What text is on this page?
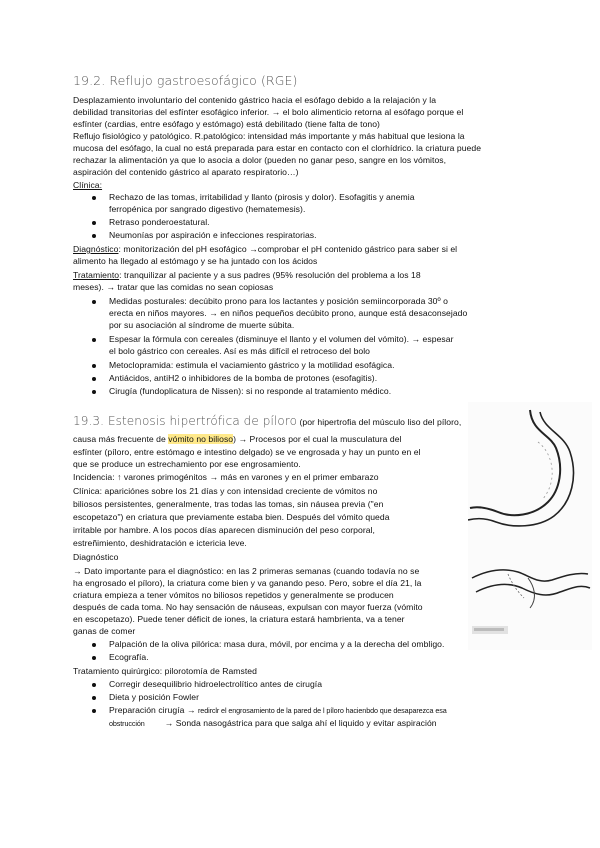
19.2. Reflujo gastroesofágico (RGE)
Desplazamiento involuntario del contenido gástrico hacia el esófago debido a la relajación y la
debilidad transitorias del esfínter esofágico inferior. → el bolo alimenticio retorna al esófago porque el
esfínter (cardias, entre esófago y estómago) está debilitado (tiene falta de tono)
Reflujo fisiológico y patológico. R.patológico: intensidad más importante y más habitual que lesiona la
mucosa del esófago, la cual no está preparada para estar en contacto con el clorhídrico. la criatura puede
rechazar la alimentación ya que lo asocia a dolor (pueden no ganar peso, sangre en los vómitos,
aspiración del contenido gástrico al aparato respiratorio…)
Clínica:
Rechazo de las tomas, irritabilidad y llanto (pirosis y dolor). Esofagitis y anemia
ferropénica por sangrado digestivo (hematemesis).
Retraso ponderoestatural.
Neumonías por aspiración e infecciones respiratorias.
Diagnóstico: monitorización del pH esofágico →comprobar el pH contenido gástrico para saber si el
alimento ha llegado al estómago y se ha juntado con los ácidos
Tratamiento: tranquilizar al paciente y a sus padres (95% resolución del problema a los 18
meses). → tratar que las comidas no sean copiosas
Medidas posturales: decúbito prono para los lactantes y posición semiincorporada 30º o
erecta en niños mayores. → en niños pequeños decúbito prono, aunque está desaconsejado
por su asociación al síndrome de muerte súbita.
Espesar la fórmula con cereales (disminuye el llanto y el volumen del vómito). → espesar
el bolo gástrico con cereales. Así es más difícil el retroceso del bolo
Metoclopramida: estimula el vaciamiento gástrico y la motilidad esofágica.
Antiácidos, antiH2 o inhibidores de la bomba de protones (esofagitis).
Cirugía (fundoplicatura de Nissen): si no responde al tratamiento médico.
19.3. Estenosis hipertrófica de píloro (por hipertrofia del músculo liso del píloro,
causa más frecuente de vómito no bilioso) → Procesos por el cual la musculatura del
esfínter (píloro, entre estómago e intestino delgado) se ve engrosada y hay un punto en el
que se produce un estrechamiento por ese engrosamiento.
Incidencia: ↑ varones primogénitos → más en varones y en el primer embarazo
Clínica: apariciónes sobre los 21 días y con intensidad creciente de vómitos no
biliosos persistentes, generalmente, tras todas las tomas, sin náusea previa ("en
escopetazo") en criatura que previamente estaba bien. Después del vómito queda
irritable por hambre. A los pocos días aparecen disminución del peso corporal,
estreñimiento, deshidratación e ictericia leve.
Diagnóstico
→ Dato importante para el diagnóstico: en las 2 primeras semanas (cuando todavía no se
ha engrosado el píloro), la criatura come bien y va ganando peso. Pero, sobre el día 21, la
criatura empieza a tener vómitos no biliosos repetidos y generalmente se producen
después de cada toma. No hay sensación de náuseas, expulsan con mayor fuerza (vómito
en escopetazo). Puede tener déficit de iones, la criatura estará hambrienta, va a tener
ganas de comer
Palpación de la oliva pilórica: masa dura, móvil, por encima y a la derecha del ombligo.
Ecografía.
Tratamiento quirúrgico: pilorotomía de Ramsted
Corregir desequilibrio hidroelectrolítico antes de cirugía
Dieta y posición Fowler
Preparación cirugía → redirclr el engrosamiento de la pared de l píloro hacienbdo que desaparezca esa
obstrucción → Sonda nasogástrica para que salga ahí el liquido y evitar aspiración
